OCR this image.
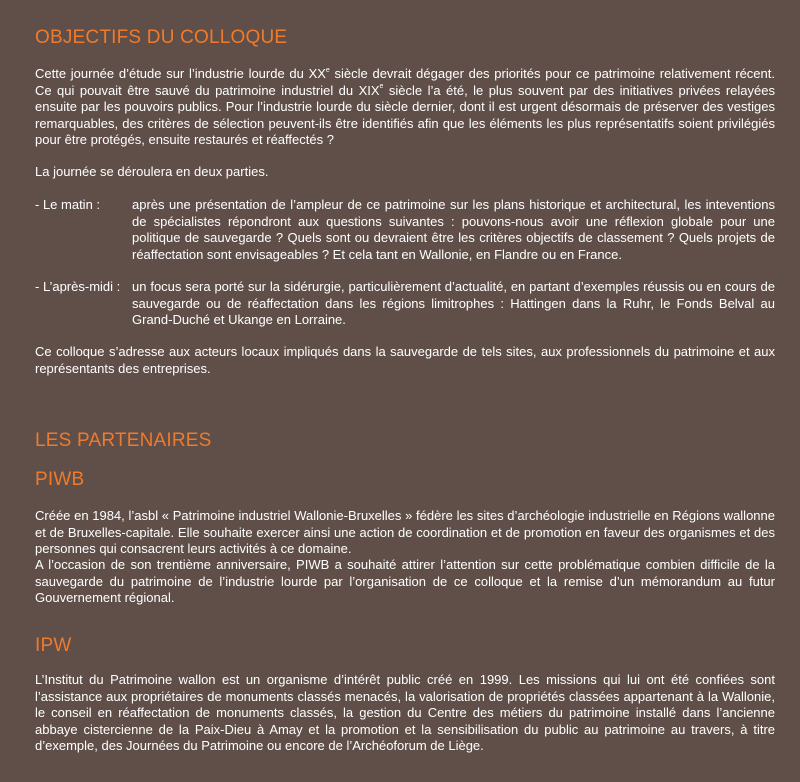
OBJECTIFS DU COLLOQUE

Cette journée d’étude sur l’industrie lourde du XXe siècle devrait dégager des priorités pour ce patrimoine relativement récent. Ce qui pouvait être sauvé du patrimoine industriel du XIXe siècle l’a été, le plus souvent par des initiatives privées relayées ensuite par les pouvoirs publics. Pour l’industrie lourde du siècle dernier, dont il est urgent désormais de préserver des vestiges remarquables, des critères de sélection peuvent-ils être identifiés afin que les éléments les plus représentatifs soient privilégiés pour être protégés, ensuite restaurés et réaffectés ?

La journée se déroulera en deux parties.

- Le matin : après une présentation de l’ampleur de ce patrimoine sur les plans historique et architectural, les inteventions de spécialistes répondront aux questions suivantes : pouvons-nous avoir une réflexion globale pour une politique de sauvegarde ? Quels sont ou devraient être les critères objectifs de classement ? Quels projets de réaffectation sont envisageables ? Et cela tant en Wallonie, en Flandre ou en France.
- L’après-midi : un focus sera porté sur la sidérurgie, particulièrement d’actualité, en partant d’exemples réussis ou en cours de sauvegarde ou de réaffectation dans les régions limitrophes : Hattingen dans la Ruhr, le Fonds Belval au Grand-Duché et Ukange en Lorraine.

Ce colloque s’adresse aux acteurs locaux impliqués dans la sauvegarde de tels sites, aux professionnels du patrimoine et aux représentants des entreprises.

LES PARTENAIRES
PIWB

Créée en 1984, l’asbl « Patrimoine industriel Wallonie-Bruxelles » fédère les sites d’archéologie industrielle en Régions wallonne et de Bruxelles-capitale. Elle souhaite exercer ainsi une action de coordination et de promotion en faveur des organismes et des personnes qui consacrent leurs activités à ce domaine.

A l’occasion de son trentième anniversaire, PIWB a souhaité attirer l’attention sur cette problématique combien difficile de la sauvegarde du patrimoine de l’industrie lourde par l’organisation de ce colloque et la remise d’un mémorandum au futur Gouvernement régional.

IPW

L’Institut du Patrimoine wallon est un organisme d’intérêt public créé en 1999. Les missions qui lui ont été confiées sont l’assistance aux propriétaires de monuments classés menacés, la valorisation de propriétés classées appartenant à la Wallonie, le conseil en réaffectation de monuments classés, la gestion du Centre des métiers du patrimoine installé dans l’ancienne abbaye cistercienne de la Paix-Dieu à Amay et la promotion et la sensibilisation du public au patrimoine au travers, à titre d’exemple, des Journées du Patrimoine ou encore de l’Archéoforum de Liège.
